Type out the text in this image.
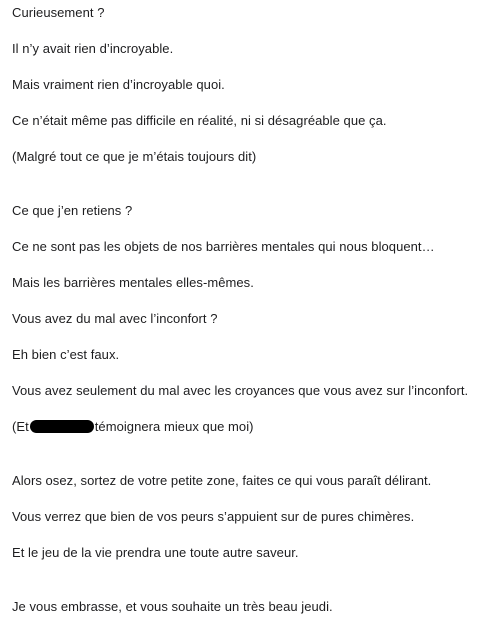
Curieusement ?

Il n’y avait rien d’incroyable.

Mais vraiment rien d’incroyable quoi.

Ce n’était même pas difficile en réalité, ni si désagréable que ça.

(Malgré tout ce que je m’étais toujours dit)

Ce que j’en retiens ?

Ce ne sont pas les objets de nos barrières mentales qui nous bloquent…

Mais les barrières mentales elles-mêmes.

Vous avez du mal avec l’inconfort ?

Eh bien c’est faux.

Vous avez seulement du mal avec les croyances que vous avez sur l’inconfort.

(Et	témoignera mieux que moi)

Alors osez, sortez de votre petite zone, faites ce qui vous paraît délirant.

Vous verrez que bien de vos peurs s’appuient sur de pures chimères.

Et le jeu de la vie prendra une toute autre saveur.

Je vous embrasse, et vous souhaite un très beau jeudi.
